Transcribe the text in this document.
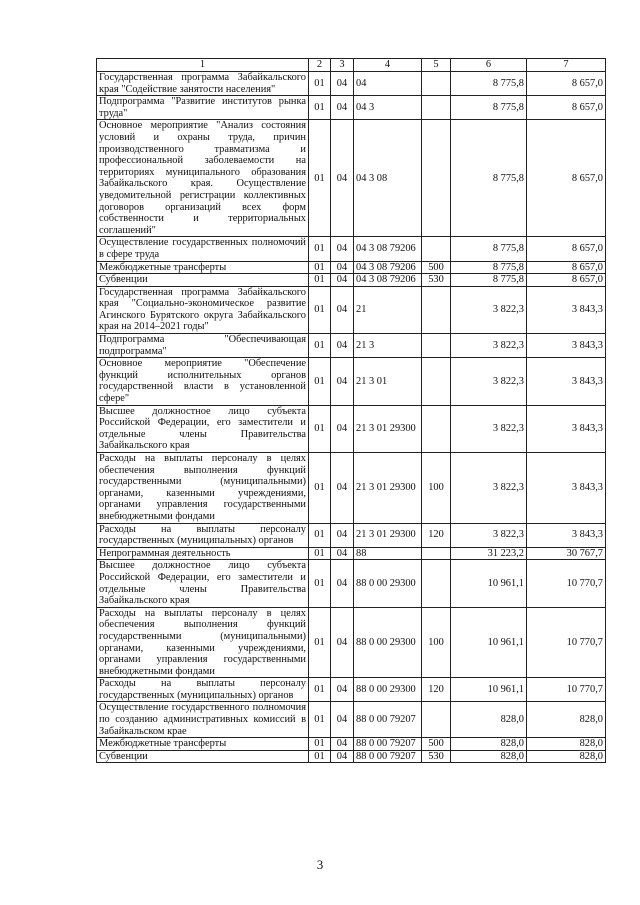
1	2	3	4	5	6	7
Государственная программа Забайкальского края "Содействие занятости населения"	01	04	04		8 775,8	8 657,0
Подпрограмма "Развитие институтов рынка труда"	01	04	04 3		8 775,8	8 657,0
Основное мероприятие "Анализ состояния условий и охраны труда, причин производственного травматизма и профессиональной заболеваемости на территориях муниципального образования Забайкальского края. Осуществление уведомительной регистрации коллективных договоров организаций всех форм собственности и территориальных соглашений"	01	04	04 3 08		8 775,8	8 657,0
Осуществление государственных полномочий в сфере труда	01	04	04 3 08 79206		8 775,8	8 657,0
Межбюджетные трансферты	01	04	04 3 08 79206	500	8 775,8	8 657,0
Субвенции	01	04	04 3 08 79206	530	8 775,8	8 657,0
Государственная программа Забайкальского края "Социально-экономическое развитие Агинского Бурятского округа Забайкальского края на 2014–2021 годы"	01	04	21		3 822,3	3 843,3
Подпрограмма "Обеспечивающая подпрограмма"	01	04	21 3		3 822,3	3 843,3
Основное мероприятие "Обеспечение функций исполнительных органов государственной власти в установленной сфере"	01	04	21 3 01		3 822,3	3 843,3
Высшее должностное лицо субъекта Российской Федерации, его заместители и отдельные члены Правительства Забайкальского края	01	04	21 3 01 29300		3 822,3	3 843,3
Расходы на выплаты персоналу в целях обеспечения выполнения функций государственными (муниципальными) органами, казенными учреждениями, органами управления государственными внебюджетными фондами	01	04	21 3 01 29300	100	3 822,3	3 843,3
Расходы на выплаты персоналу государственных (муниципальных) органов	01	04	21 3 01 29300	120	3 822,3	3 843,3
Непрограммная деятельность	01	04	88		31 223,2	30 767,7
Высшее должностное лицо субъекта Российской Федерации, его заместители и отдельные члены Правительства Забайкальского края	01	04	88 0 00 29300		10 961,1	10 770,7
Расходы на выплаты персоналу в целях обеспечения выполнения функций государственными (муниципальными) органами, казенными учреждениями, органами управления государственными внебюджетными фондами	01	04	88 0 00 29300	100	10 961,1	10 770,7
Расходы на выплаты персоналу государственных (муниципальных) органов	01	04	88 0 00 29300	120	10 961,1	10 770,7
Осуществление государственного полномочия по созданию административных комиссий в Забайкальском крае	01	04	88 0 00 79207		828,0	828,0
Межбюджетные трансферты	01	04	88 0 00 79207	500	828,0	828,0
Субвенции	01	04	88 0 00 79207	530	828,0	828,0
3
